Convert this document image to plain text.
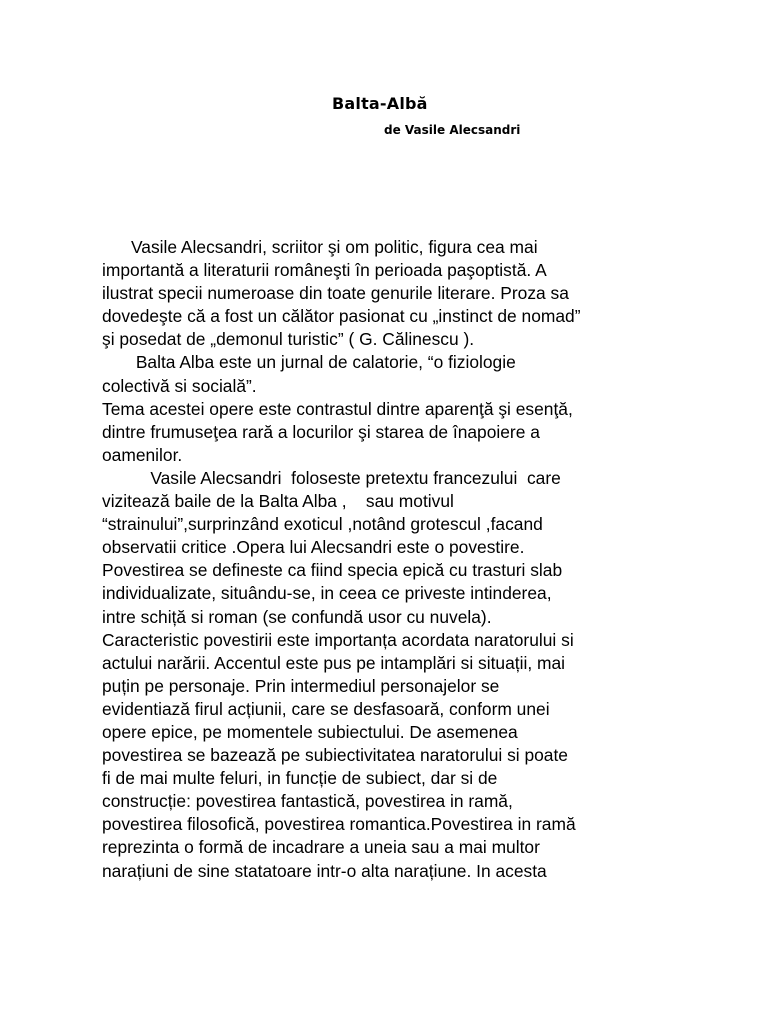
Balta-Albă

de Vasile Alecsandri

Vasile Alecsandri, scriitor şi om politic, figura cea mai
importantă a literaturii româneşti în perioada paşoptistă. A
ilustrat specii numeroase din toate genurile literare. Proza sa
dovedeşte că a fost un călător pasionat cu „instinct de nomad”
şi posedat de „demonul turistic” ( G. Călinescu ).
Balta Alba este un jurnal de calatorie, “o fiziologie
colectivă si socială”.
Tema acestei opere este contrastul dintre aparenţă şi esenţă,
dintre frumuseţea rară a locurilor şi starea de înapoiere a
oamenilor.
Vasile Alecsandri  foloseste pretextu francezului  care
vizitează baile de la Balta Alba ,    sau motivul
“strainului”,surprinzând exoticul ,notând grotescul ,facand
observatii critice .Opera lui Alecsandri este o povestire.
Povestirea se defineste ca fiind specia epică cu trasturi slab
individualizate, situându-se, in ceea ce priveste intinderea,
intre schiță si roman (se confundă usor cu nuvela).
Caracteristic povestirii este importanța acordata naratorului si
actului narării. Accentul este pus pe intamplări si situații, mai
puțin pe personaje. Prin intermediul personajelor se
evidentiază firul acțiunii, care se desfasoară, conform unei
opere epice, pe momentele subiectului. De asemenea
povestirea se bazează pe subiectivitatea naratorului si poate
fi de mai multe feluri, in funcție de subiect, dar si de
construcție: povestirea fantastică, povestirea in ramă,
povestirea filosofică, povestirea romantica.Povestirea in ramă
reprezinta o formă de incadrare a uneia sau a mai multor
narațiuni de sine statatoare intr-o alta narațiune. In acesta
